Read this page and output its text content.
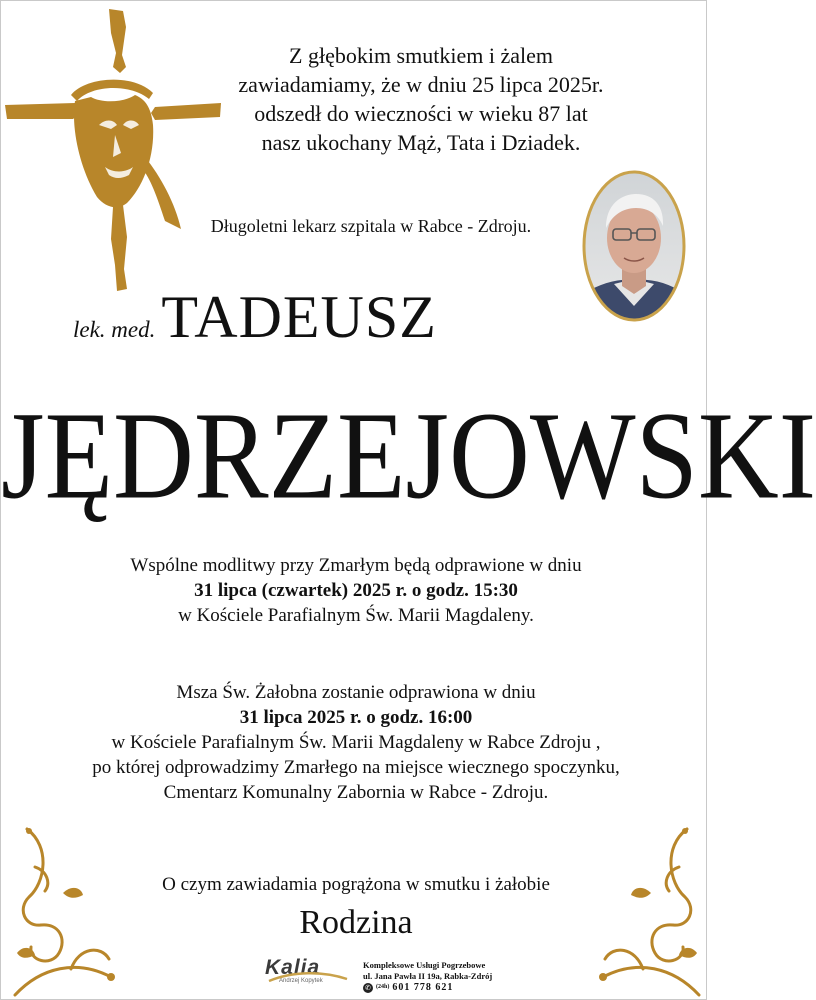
Z głębokim smutkiem i żalem
zawiadamiamy, że w dniu 25 lipca 2025r.
odszedł do wieczności w wieku 87 lat
nasz ukochany Mąż, Tata i Dziadek.
Długoletni lekarz szpitala w Rabce - Zdroju.
lek. med. TADEUSZ
JĘDRZEJOWSKI
Wspólne modlitwy przy Zmarłym będą odprawione w dniu
31 lipca (czwartek) 2025 r. o godz. 15:30
w Kościele Parafialnym Św. Marii Magdaleny.
Msza Św. Żałobna zostanie odprawiona w dniu
31 lipca 2025 r. o godz. 16:00
w Kościele Parafialnym Św. Marii Magdaleny w Rabce Zdroju ,
po której odprowadzimy Zmarłego na miejsce wiecznego spoczynku,
Cmentarz Komunalny Zabornia w Rabce - Zdroju.
O czym zawiadamia pogrążona w smutku i żałobie
Rodzina
Kalia
Andrzej Kopytek
Kompleksowe Usługi Pogrzebowe
ul. Jana Pawła II 19a, Rabka-Zdrój
✆ (24h) 601 778 621
